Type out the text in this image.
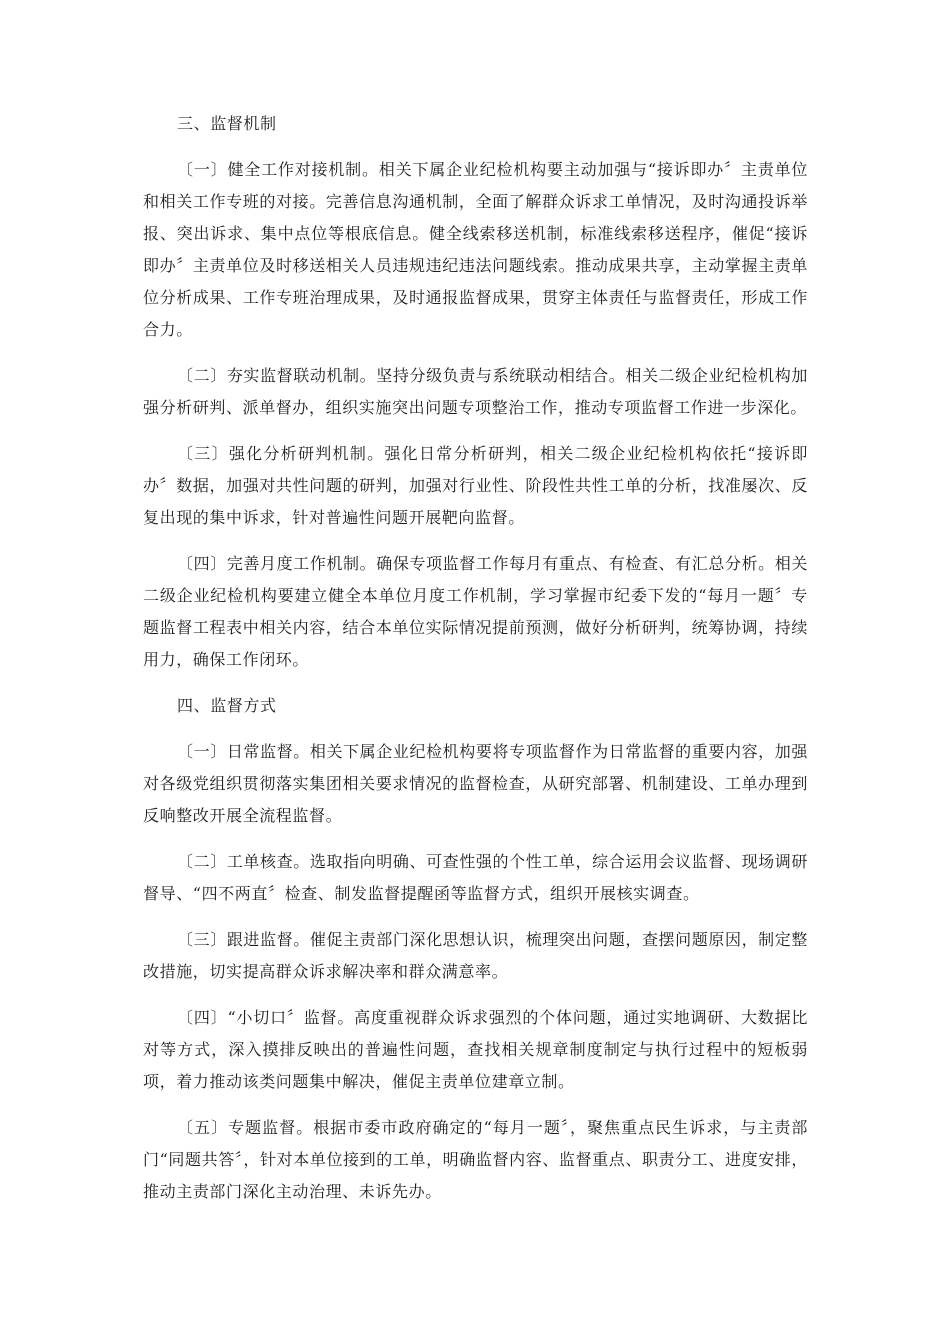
三、监督机制

〔一〕健全工作对接机制。相关下属企业纪检机构要主动加强与“接诉即办〞主责单位和相关工作专班的对接。完善信息沟通机制，全面了解群众诉求工单情况，及时沟通投诉举报、突出诉求、集中点位等根底信息。健全线索移送机制，标准线索移送程序，催促“接诉即办〞主责单位及时移送相关人员违规违纪违法问题线索。推动成果共享，主动掌握主责单位分析成果、工作专班治理成果，及时通报监督成果，贯穿主体责任与监督责任，形成工作合力。

〔二〕夯实监督联动机制。坚持分级负责与系统联动相结合。相关二级企业纪检机构加强分析研判、派单督办，组织实施突出问题专项整治工作，推动专项监督工作进一步深化。

〔三〕强化分析研判机制。强化日常分析研判，相关二级企业纪检机构依托“接诉即办〞数据，加强对共性问题的研判，加强对行业性、阶段性共性工单的分析，找准屡次、反复出现的集中诉求，针对普遍性问题开展靶向监督。

〔四〕完善月度工作机制。确保专项监督工作每月有重点、有检查、有汇总分析。相关二级企业纪检机构要建立健全本单位月度工作机制，学习掌握市纪委下发的“每月一题〞专题监督工程表中相关内容，结合本单位实际情况提前预测，做好分析研判，统筹协调，持续用力，确保工作闭环。

四、监督方式

〔一〕日常监督。相关下属企业纪检机构要将专项监督作为日常监督的重要内容，加强对各级党组织贯彻落实集团相关要求情况的监督检查，从研究部署、机制建设、工单办理到反响整改开展全流程监督。

〔二〕工单核查。选取指向明确、可查性强的个性工单，综合运用会议监督、现场调研督导、“四不两直〞检查、制发监督提醒函等监督方式，组织开展核实调查。

〔三〕跟进监督。催促主责部门深化思想认识，梳理突出问题，查摆问题原因，制定整改措施，切实提高群众诉求解决率和群众满意率。

〔四〕“小切口〞监督。高度重视群众诉求强烈的个体问题，通过实地调研、大数据比对等方式，深入摸排反映出的普遍性问题，查找相关规章制度制定与执行过程中的短板弱项，着力推动该类问题集中解决，催促主责单位建章立制。

〔五〕专题监督。根据市委市政府确定的“每月一题〞，聚焦重点民生诉求，与主责部门“同题共答〞，针对本单位接到的工单，明确监督内容、监督重点、职责分工、进度安排，推动主责部门深化主动治理、未诉先办。
